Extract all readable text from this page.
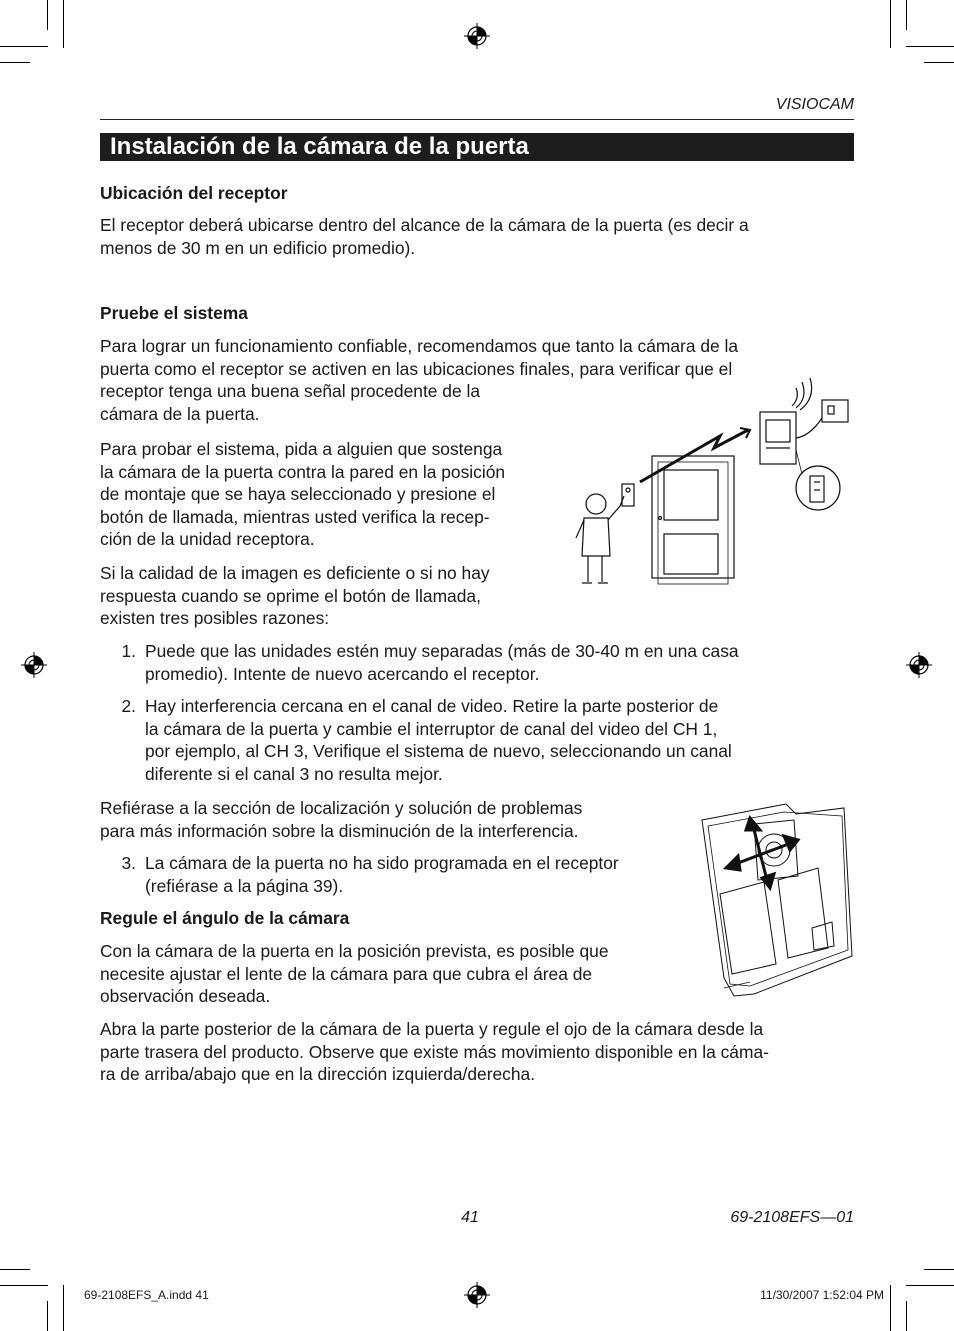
VISIOCAM
Instalación de la cámara de la puerta
Ubicación del receptor
El receptor deberá ubicarse dentro del alcance de la cámara de la puerta (es decir a
menos de 30 m en un edificio promedio).
Pruebe el sistema
Para lograr un funcionamiento confiable, recomendamos que tanto la cámara de la
puerta como el receptor se activen en las ubicaciones finales, para verificar que el
receptor tenga una buena señal procedente de la
cámara de la puerta.
Para probar el sistema, pida a alguien que sostenga
la cámara de la puerta contra la pared en la posición
de montaje que se haya seleccionado y presione el
botón de llamada, mientras usted verifica la recep-
ción de la unidad receptora.
Si la calidad de la imagen es deficiente o si no hay
respuesta cuando se oprime el botón de llamada,
existen tres posibles razones:
1. Puede que las unidades estén muy separadas (más de 30-40 m en una casa
promedio). Intente de nuevo acercando el receptor.
2. Hay interferencia cercana en el canal de video. Retire la parte posterior de
la cámara de la puerta y cambie el interruptor de canal del video del CH 1,
por ejemplo, al CH 3, Verifique el sistema de nuevo, seleccionando un canal
diferente si el canal 3 no resulta mejor.
Refiérase a la sección de localización y solución de problemas
para más información sobre la disminución de la interferencia.
3. La cámara de la puerta no ha sido programada en el receptor
(refiérase a la página 39).
Regule el ángulo de la cámara
Con la cámara de la puerta en la posición prevista, es posible que
necesite ajustar el lente de la cámara para que cubra el área de
observación deseada.
Abra la parte posterior de la cámara de la puerta y regule el ojo de la cámara desde la
parte trasera del producto. Observe que existe más movimiento disponible en la cáma-
ra de arriba/abajo que en la dirección izquierda/derecha.
41	69-2108EFS—01
69-2108EFS_A.indd 41	11/30/2007 1:52:04 PM
